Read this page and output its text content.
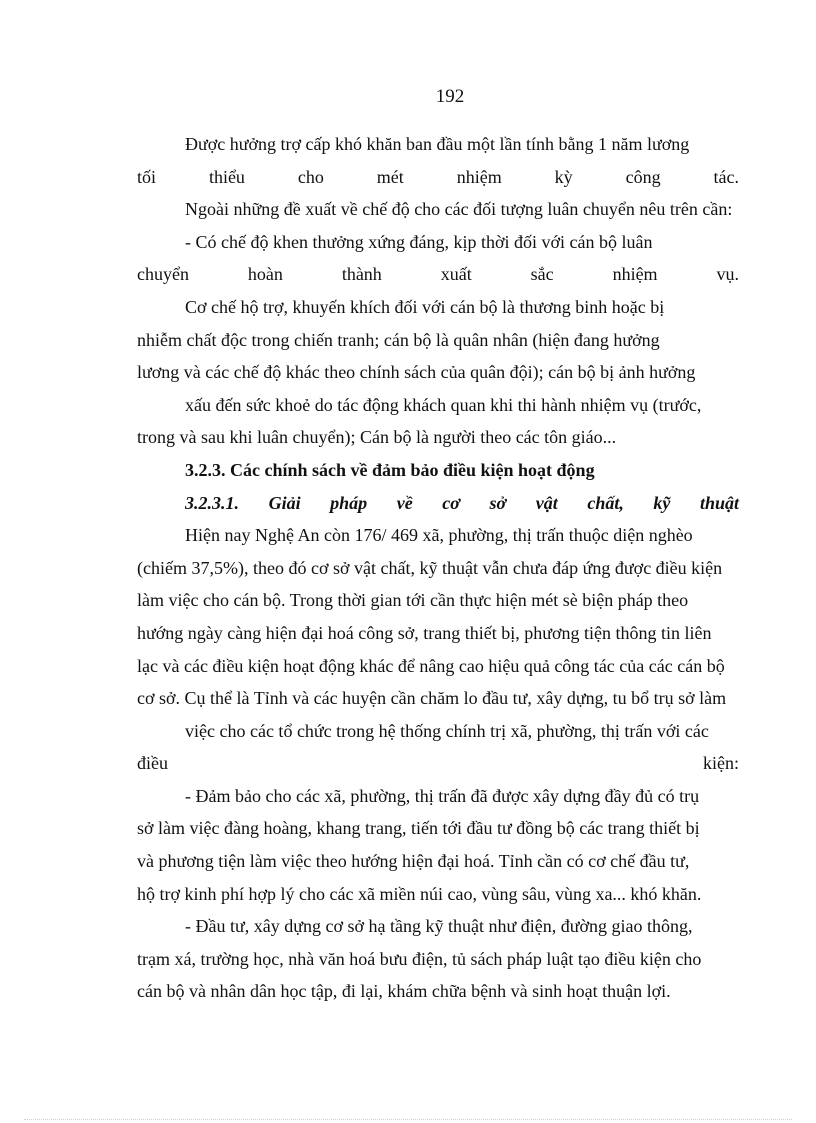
192
Được hưởng trợ cấp khó khăn ban đầu một lần tính bằng 1 năm lương
tối thiểu cho mét nhiệm kỳ công tác.
Ngoài những đề xuất về chế độ cho các đối tượng luân chuyển nêu trên cần:
- Có chế độ khen thưởng xứng đáng, kịp thời đối với cán bộ luân
chuyển hoàn thành xuất sắc nhiệm vụ.
Cơ chế hộ trợ, khuyến khích đối với cán bộ là thương binh hoặc bị
nhiễm chất độc trong chiến tranh; cán bộ là quân nhân (hiện đang hưởng
lương và các chế độ khác theo chính sách của quân đội); cán bộ bị ảnh hưởng
xấu đến sức khoẻ do tác động khách quan khi thi hành nhiệm vụ (trước,
trong và sau khi luân chuyển); Cán bộ là người theo các tôn giáo...
3.2.3. Các chính sách về đảm bảo điều kiện hoạt động
3.2.3.1. Giải pháp về cơ sở vật chất, kỹ thuật
Hiện nay Nghệ An còn 176/ 469 xã, phường, thị trấn thuộc diện nghèo
(chiếm 37,5%), theo đó cơ sở vật chất, kỹ thuật vẫn chưa đáp ứng được điều kiện
làm việc cho cán bộ. Trong thời gian tới cần thực hiện mét sè biện pháp theo
hướng ngày càng hiện đại hoá công sở, trang thiết bị, phương tiện thông tin liên
lạc và các điều kiện hoạt động khác để nâng cao hiệu quả công tác của các cán bộ
cơ sở. Cụ thể là Tỉnh và các huyện cần chăm lo đầu tư, xây dựng, tu bổ trụ sở làm
việc cho các tổ chức trong hệ thống chính trị xã, phường, thị trấn với các
điều kiện:
- Đảm bảo cho các xã, phường, thị trấn đã được xây dựng đầy đủ có trụ
sở làm việc đàng hoàng, khang trang, tiến tới đầu tư đồng bộ các trang thiết bị
và phương tiện làm việc theo hướng hiện đại hoá. Tỉnh cần có cơ chế đầu tư,
hộ trợ kinh phí hợp lý cho các xã miền núi cao, vùng sâu, vùng xa... khó khăn.
- Đầu tư, xây dựng cơ sở hạ tầng kỹ thuật như điện, đường giao thông,
trạm xá, trường học, nhà văn hoá bưu điện, tủ sách pháp luật tạo điều kiện cho
cán bộ và nhân dân học tập, đi lại, khám chữa bệnh và sinh hoạt thuận lợi.
